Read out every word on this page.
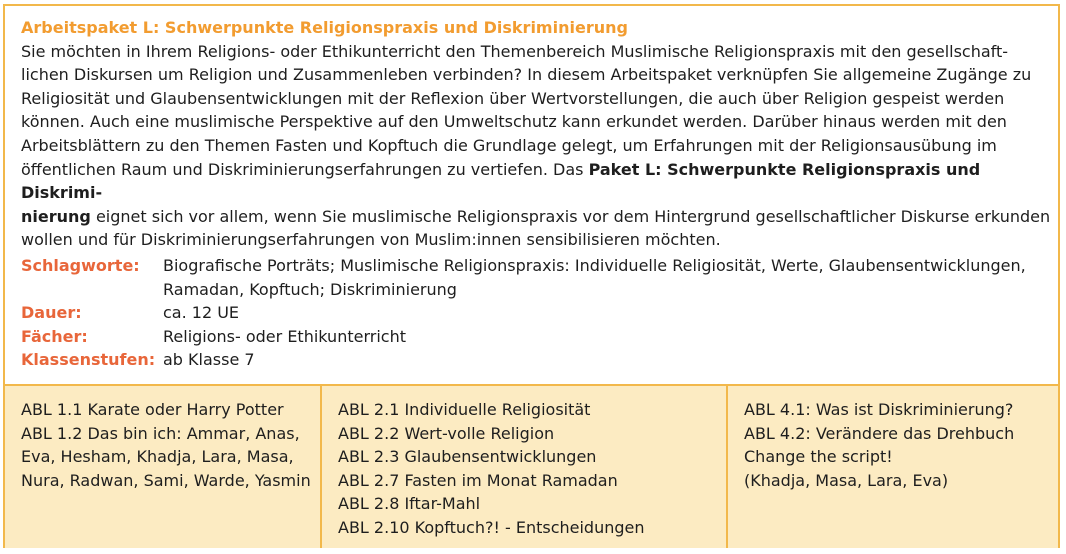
Arbeitspaket L: Schwerpunkte Religionspraxis und Diskriminierung
Sie möchten in Ihrem Religions- oder Ethikunterricht den Themenbereich Muslimische Religionspraxis mit den gesellschaft-
lichen Diskursen um Religion und Zusammenleben verbinden? In diesem Arbeitspaket verknüpfen Sie allgemeine Zugänge zu
Religiosität und Glaubensentwicklungen mit der Reflexion über Wertvorstellungen, die auch über Religion gespeist werden
können. Auch eine muslimische Perspektive auf den Umweltschutz kann erkundet werden. Darüber hinaus werden mit den
Arbeitsblättern zu den Themen Fasten und Kopftuch die Grundlage gelegt, um Erfahrungen mit der Religionsausübung im
öffentlichen Raum und Diskriminierungserfahrungen zu vertiefen. Das Paket L: Schwerpunkte Religionspraxis und Diskrimi-
nierung eignet sich vor allem, wenn Sie muslimische Religionspraxis vor dem Hintergrund gesellschaftlicher Diskurse erkunden
wollen und für Diskriminierungserfahrungen von Muslim:innen sensibilisieren möchten.
Schlagworte:	Biografische Porträts; Muslimische Religionspraxis: Individuelle Religiosität, Werte, Glaubensentwicklungen,
Ramadan, Kopftuch; Diskriminierung
Dauer:	ca. 12 UE
Fächer:	Religions- oder Ethikunterricht
Klassenstufen: ab Klasse 7
ABL 1.1 Karate oder Harry Potter
ABL 1.2 Das bin ich: Ammar, Anas,
Eva, Hesham, Khadja, Lara, Masa,
Nura, Radwan, Sami, Warde, Yasmin
ABL 2.1 Individuelle Religiosität
ABL 2.2 Wert-volle Religion
ABL 2.3 Glaubensentwicklungen
ABL 2.7 Fasten im Monat Ramadan
ABL 2.8 Iftar-Mahl
ABL 2.10 Kopftuch?! - Entscheidungen
ABL 4.1: Was ist Diskriminierung?
ABL 4.2: Verändere das Drehbuch
Change the script!
(Khadja, Masa, Lara, Eva)
